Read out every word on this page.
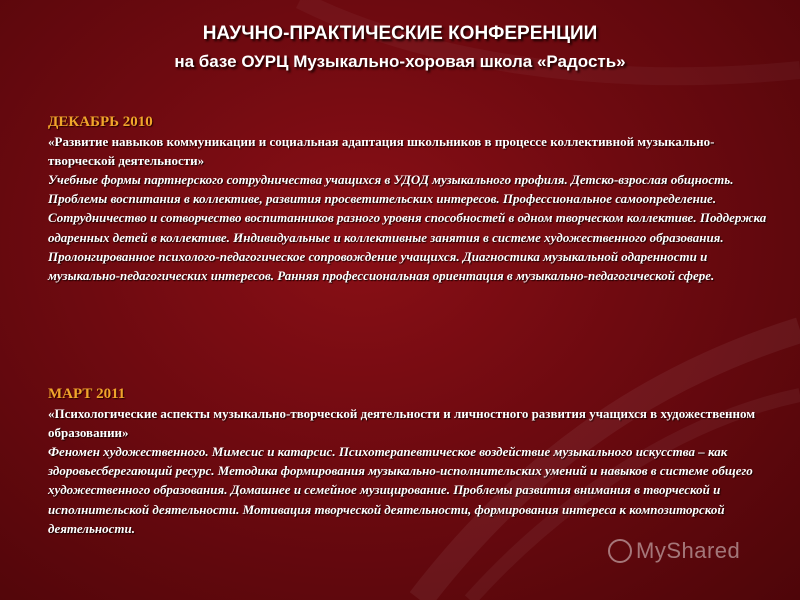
НАУЧНО-ПРАКТИЧЕСКИЕ КОНФЕРЕНЦИИ
на базе ОУРЦ Музыкально-хоровая школа «Радость»
ДЕКАБРЬ 2010
«Развитие навыков коммуникации и социальная адаптация школьников в процессе коллективной музыкально-творческой деятельности»
Учебные формы партнерского сотрудничества учащихся в УДОД музыкального профиля. Детско-взрослая общность. Проблемы воспитания в коллективе, развития просветительских интересов. Профессиональное самоопределение. Сотрудничество и сотворчество воспитанников разного уровня способностей в одном творческом коллективе. Поддержка одаренных детей в коллективе. Индивидуальные и коллективные занятия в системе художественного образования. Пролонгированное психолого-педагогическое сопровождение учащихся. Диагностика музыкальной одаренности и музыкально-педагогических интересов. Ранняя профессиональная ориентация в музыкально-педагогической сфере.
МАРТ 2011
«Психологические аспекты музыкально-творческой деятельности и личностного развития учащихся в художественном образовании»
Феномен художественного. Мимесис и катарсис. Психотерапевтическое воздействие музыкального искусства – как здоровьесберегающий ресурс. Методика формирования музыкально-исполнительских умений и навыков в системе общего художественного образования. Домашнее и семейное музицирование. Проблемы развития внимания в творческой и исполнительской деятельности. Мотивация творческой деятельности, формирования интереса к композиторской деятельности.
MyShared
